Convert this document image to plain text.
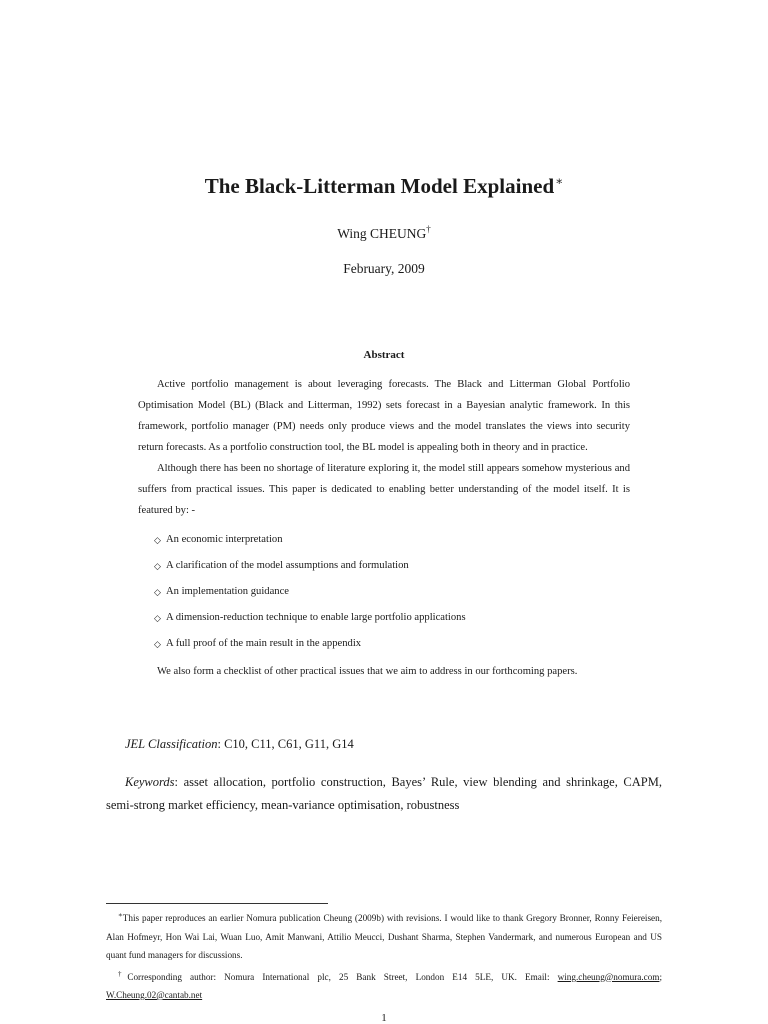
The Black-Litterman Model Explained∗
Wing CHEUNG†
February, 2009
Abstract

Active portfolio management is about leveraging forecasts. The Black and Litterman Global Portfolio Optimisation Model (BL) (Black and Litterman, 1992) sets forecast in a Bayesian analytic framework. In this framework, portfolio manager (PM) needs only produce views and the model translates the views into security return forecasts. As a portfolio construction tool, the BL model is appealing both in theory and in practice.

Although there has been no shortage of literature exploring it, the model still appears somehow mysterious and suffers from practical issues. This paper is dedicated to enabling better understanding of the model itself. It is featured by: -

◇ An economic interpretation
◇ A clarification of the model assumptions and formulation
◇ An implementation guidance
◇ A dimension-reduction technique to enable large portfolio applications
◇ A full proof of the main result in the appendix

We also form a checklist of other practical issues that we aim to address in our forthcoming papers.

JEL Classification: C10, C11, C61, G11, G14
Keywords: asset allocation, portfolio construction, Bayes’ Rule, view blending and shrinkage, CAPM, semi-strong market efficiency, mean-variance optimisation, robustness

∗This paper reproduces an earlier Nomura publication Cheung (2009b) with revisions. I would like to thank Gregory Bronner, Ronny Feiereisen, Alan Hofmeyr, Hon Wai Lai, Wuan Luo, Amit Manwani, Attilio Meucci, Dushant Sharma, Stephen Vandermark, and numerous European and US quant fund managers for discussions.

†Corresponding author: Nomura International plc, 25 Bank Street, London E14 5LE, UK. Email: wing.cheung@nomura.com; W.Cheung.02@cantab.net

1
